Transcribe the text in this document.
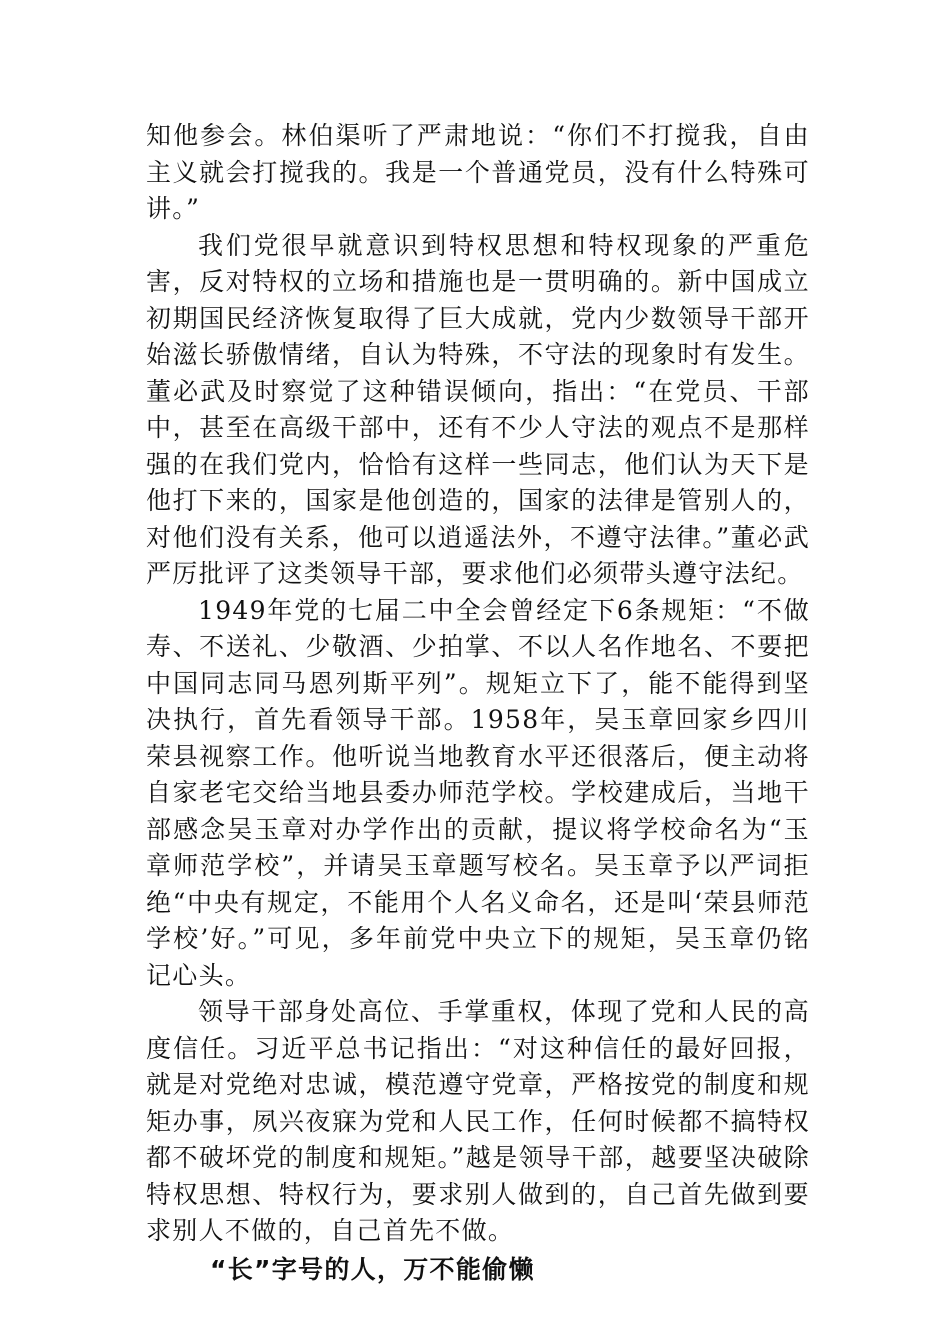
知他参会。林伯渠听了严肃地说：“你们不打搅我，自由主义就会打搅我的。我是一个普通党员，没有什么特殊可讲。”

我们党很早就意识到特权思想和特权现象的严重危害，反对特权的立场和措施也是一贯明确的。新中国成立初期国民经济恢复取得了巨大成就，党内少数领导干部开始滋长骄傲情绪，自认为特殊，不守法的现象时有发生。董必武及时察觉了这种错误倾向，指出：“在党员、干部中，甚至在高级干部中，还有不少人守法的观点不是那样强的在我们党内，恰恰有这样一些同志，他们认为天下是他打下来的，国家是他创造的，国家的法律是管别人的，对他们没有关系，他可以逍遥法外，不遵守法律。”董必武严厉批评了这类领导干部，要求他们必须带头遵守法纪。

1949年党的七届二中全会曾经定下6条规矩：“不做寿、不送礼、少敬酒、少拍掌、不以人名作地名、不要把中国同志同马恩列斯平列”。规矩立下了，能不能得到坚决执行，首先看领导干部。1958年，吴玉章回家乡四川荣县视察工作。他听说当地教育水平还很落后，便主动将自家老宅交给当地县委办师范学校。学校建成后，当地干部感念吴玉章对办学作出的贡献，提议将学校命名为“玉章师范学校”，并请吴玉章题写校名。吴玉章予以严词拒绝“中央有规定，不能用个人名义命名，还是叫‘荣县师范学校’好。”可见，多年前党中央立下的规矩，吴玉章仍铭记心头。

领导干部身处高位、手掌重权，体现了党和人民的高度信任。习近平总书记指出：“对这种信任的最好回报，就是对党绝对忠诚，模范遵守党章，严格按党的制度和规矩办事，夙兴夜寐为党和人民工作，任何时候都不搞特权都不破坏党的制度和规矩。”越是领导干部，越要坚决破除特权思想、特权行为，要求别人做到的，自己首先做到要求别人不做的，自己首先不做。

“长”字号的人，万不能偷懒
